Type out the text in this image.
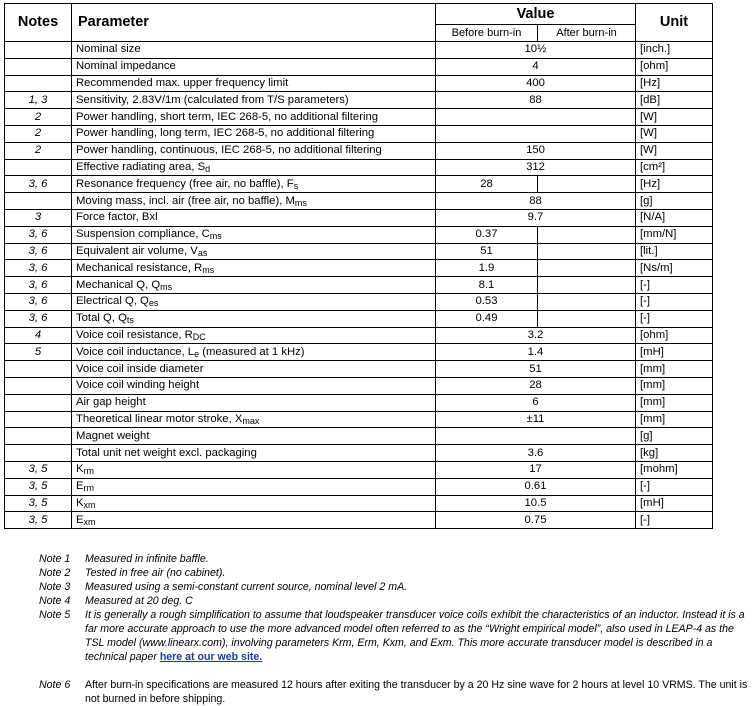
Notes	Parameter	Value		Unit
		Before burn-in	After burn-in	
	Nominal size	10½		[inch.]
	Nominal impedance	4		[ohm]
	Recommended max. upper frequency limit	400		[Hz]
1, 3	Sensitivity, 2.83V/1m (calculated from T/S parameters)	88		[dB]
2	Power handling, short term, IEC 268-5, no additional filtering			[W]
2	Power handling, long term, IEC 268-5, no additional filtering			[W]
2	Power handling, continuous, IEC 268-5, no additional filtering	150		[W]
	Effective radiating area, $S_d$	312		[cm²]
3, 6	Resonance frequency (free air, no baffle), $F_s$	28		[Hz]
	Moving mass, incl. air (free air, no baffle), $M_{ms}$	88		[g]
3	Force factor, Bxl	9.7		[N/A]
3, 6	Suspension compliance, $C_{ms}$	0.37		[mm/N]
3, 6	Equivalent air volume, $V_{as}$	51		[lit.]
3, 6	Mechanical resistance, $R_{ms}$	1.9		[Ns/m]
3, 6	Mechanical Q, $Q_{ms}$	8.1		[-]
3, 6	Electrical Q, $Q_{es}$	0.53		[-]
3, 6	Total Q, $Q_{ts}$	0.49		[-]
4	Voice coil resistance, $R_{DC}$	3.2		[ohm]
5	Voice coil inductance, $L_e$ (measured at 1 kHz)	1.4		[mH]
	Voice coil inside diameter	51		[mm]
	Voice coil winding height	28		[mm]
	Air gap height	6		[mm]
	Theoretical linear motor stroke, $X_{max}$	±11		[mm]
	Magnet weight			[g]
	Total unit net weight excl. packaging	3.6		[kg]
3, 5	$K_{rm}$	17		[mohm]
3, 5	$E_{rm}$	0.61		[-]
3, 5	$K_{xm}$	10.5		[mH]
3, 5	$E_{xm}$	0.75		[-]
Note 1	Measured in infinite baffle.
Note 2	Tested in free air (no cabinet).
Note 3	Measured using a semi-constant current source, nominal level 2 mA.
Note 4	Measured at 20 deg. C
Note 5	It is generally a rough simplification to assume that loudspeaker transducer voice coils exhibit the characteristics of an inductor. Instead it is a far more accurate approach to use the more advanced model often referred to as the “Wright empirical model”, also used in LEAP-4 as the TSL model (www.linearx.com), involving parameters Krm, Erm, Kxm, and Exm. This more accurate transducer model is described in a technical paper here at our web site.
Note 6	After burn-in specifications are measured 12 hours after exiting the transducer by a 20 Hz sine wave for 2 hours at level 10 VRMS. The unit is not burned in before shipping.
